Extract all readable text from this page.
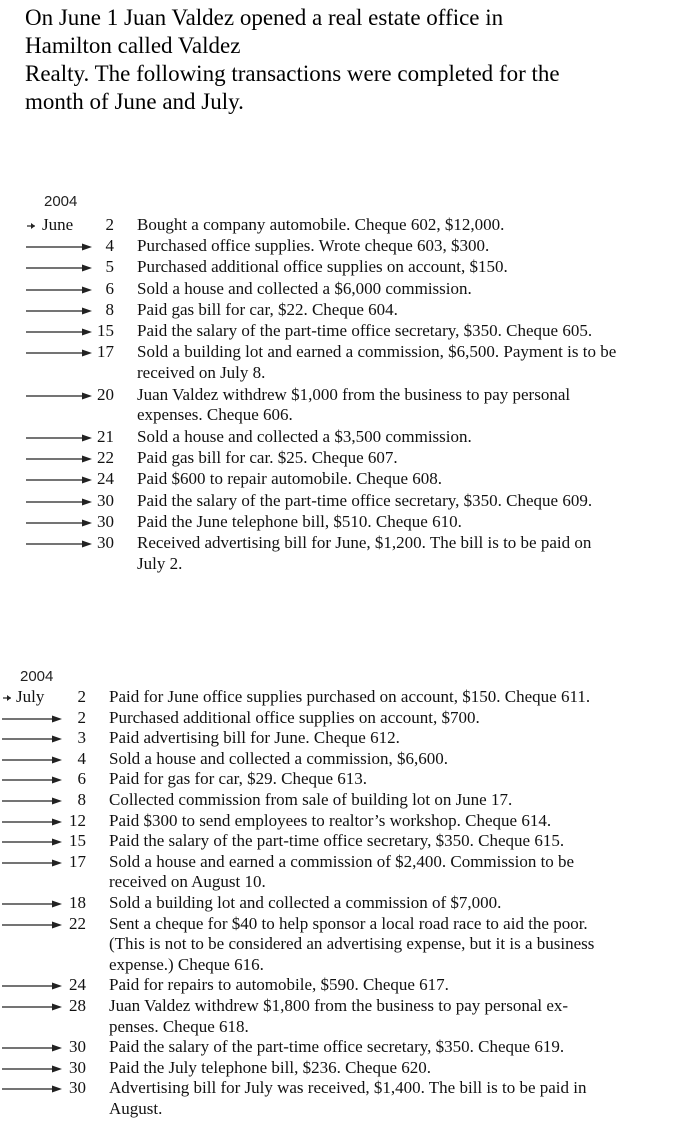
On June 1 Juan Valdez opened a real estate office in
Hamilton called Valdez
Realty. The following transactions were completed for the
month of June and July.
2004
June	2 Bought a company automobile. Cheque 602, $12,000.
4 Purchased office supplies. Wrote cheque 603, $300.
5 Purchased additional office supplies on account, $150.
6 Sold a house and collected a $6,000 commission.
8 Paid gas bill for car, $22. Cheque 604.
15 Paid the salary of the part-time office secretary, $350. Cheque 605.
17 Sold a building lot and earned a commission, $6,500. Payment is to be
received on July 8.
20 Juan Valdez withdrew $1,000 from the business to pay personal
expenses. Cheque 606.
21 Sold a house and collected a $3,500 commission.
22 Paid gas bill for car. $25. Cheque 607.
24 Paid $600 to repair automobile. Cheque 608.
30 Paid the salary of the part-time office secretary, $350. Cheque 609.
30 Paid the June telephone bill, $510. Cheque 610.
30 Received advertising bill for June, $1,200. The bill is to be paid on
July 2.
2004
July	2 Paid for June office supplies purchased on account, $150. Cheque 611.
2 Purchased additional office supplies on account, $700.
3 Paid advertising bill for June. Cheque 612.
4 Sold a house and collected a commission, $6,600.
6 Paid for gas for car, $29. Cheque 613.
8 Collected commission from sale of building lot on June 17.
12 Paid $300 to send employees to realtor’s workshop. Cheque 614.
15 Paid the salary of the part-time office secretary, $350. Cheque 615.
17 Sold a house and earned a commission of $2,400. Commission to be
received on August 10.
18 Sold a building lot and collected a commission of $7,000.
22 Sent a cheque for $40 to help sponsor a local road race to aid the poor.
(This is not to be considered an advertising expense, but it is a business
expense.) Cheque 616.
24 Paid for repairs to automobile, $590. Cheque 617.
28 Juan Valdez withdrew $1,800 from the business to pay personal ex-
penses. Cheque 618.
30 Paid the salary of the part-time office secretary, $350. Cheque 619.
30 Paid the July telephone bill, $236. Cheque 620.
30 Advertising bill for July was received, $1,400. The bill is to be paid in
August.
